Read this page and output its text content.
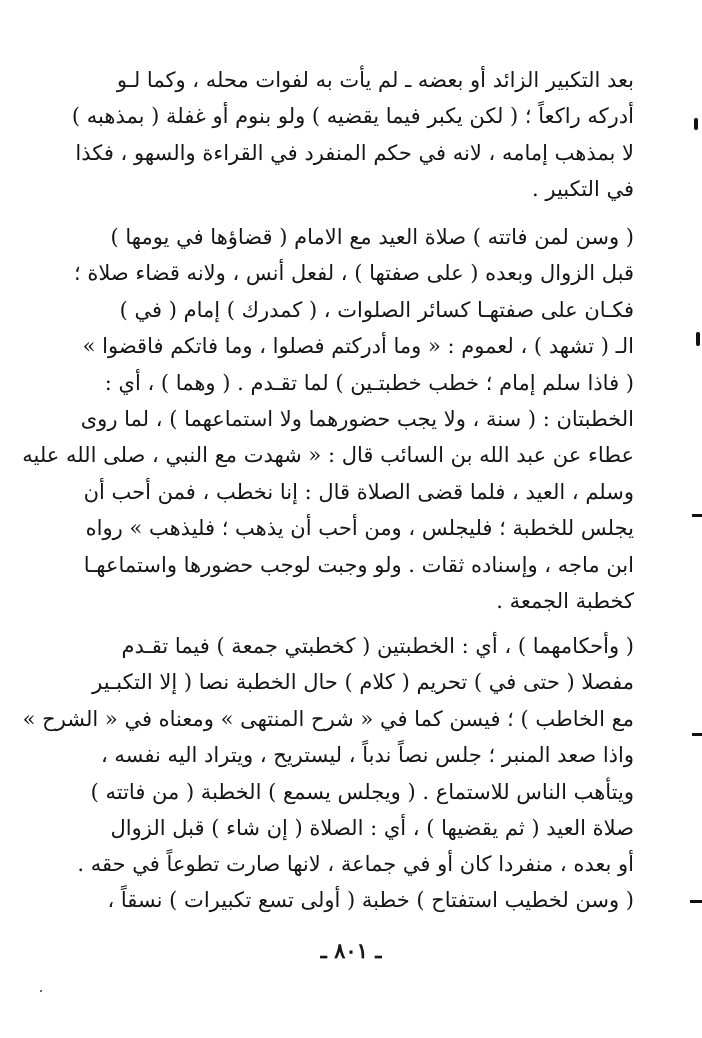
بعد التكبير الزائد أو بعضه ـ لم يأت به لفوات محله ، وكما لـو
أدركه راكعاً ؛ ( لكن يكبر فيما يقضيه ) ولو بنوم أو غفلة ( بمذهبه )
لا بمذهب إمامه ، لانه في حكم المنفرد في القراءة والسهو ، فكذا
في التكبير .
( وسن لمن فاتته ) صلاة العيد مع الامام ( قضاؤها في يومها )
قبل الزوال وبعده ( على صفتها ) ، لفعل أنس ، ولانه قضاء صلاة ؛
فكـان على صفتهـا كسائر الصلوات ، ( كمدرك ) إمام ( في )
الـ ( تشهد ) ، لعموم : « وما أدركتم فصلوا ، وما فاتكم فاقضوا »
( فاذا سلم إمام ؛ خطب خطبتـين ) لما تقـدم . ( وهما ) ، أي :
الخطبتان : ( سنة ، ولا يجب حضورهما ولا استماعهما ) ، لما روى
عطاء عن عبد الله بن السائب قال : « شهدت مع النبي ، صلى الله عليه
وسلم ، العيد ، فلما قضى الصلاة قال : إنا نخطب ، فمن أحب أن
يجلس للخطبة ؛ فليجلس ، ومن أحب أن يذهب ؛ فليذهب » رواه
ابن ماجه ، وإسناده ثقات . ولو وجبت لوجب حضورها واستماعهـا
كخطبة الجمعة .
( وأحكامهما ) ، أي : الخطبتين ( كخطبتي جمعة ) فيما تقـدم
مفصلا ( حتى في ) تحريم ( كلام ) حال الخطبة نصا ( إلا التكبـير
مع الخاطب ) ؛ فيسن كما في « شرح المنتهى » ومعناه في « الشرح »
واذا صعد المنبر ؛ جلس نصاً ندباً ، ليستريح ، ويتراد اليه نفسه ،
ويتأهب الناس للاستماع . ( ويجلس يسمع ) الخطبة ( من فاتته )
صلاة العيد ( ثم يقضيها ) ، أي : الصلاة ( إن شاء ) قبل الزوال
أو بعده ، منفردا كان أو في جماعة ، لانها صارت تطوعاً في حقه .
( وسن لخطيب استفتاح ) خطبة ( أولى تسع تكبيرات ) نسقاً ،
ـ ٨٠١ ـ
